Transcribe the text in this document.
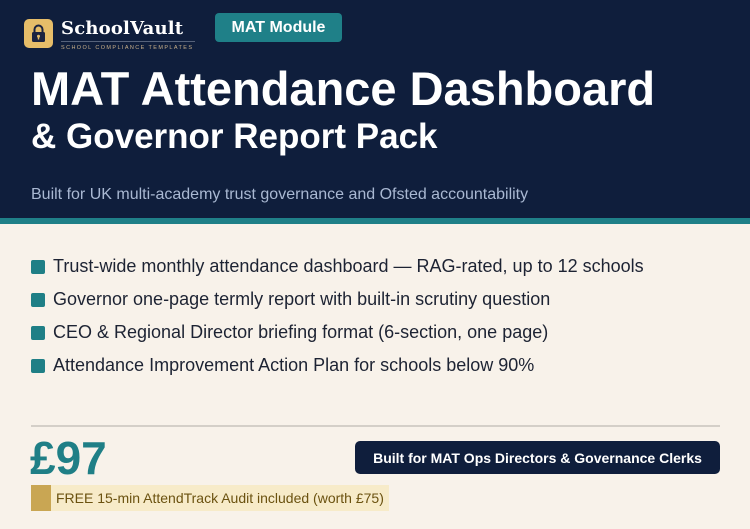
SchoolVault
SCHOOL COMPLIANCE TEMPLATES
MAT Module
MAT Attendance Dashboard
& Governor Report Pack
Built for UK multi-academy trust governance and Ofsted accountability
Trust-wide monthly attendance dashboard — RAG-rated, up to 12 schools
Governor one-page termly report with built-in scrutiny question
CEO & Regional Director briefing format (6-section, one page)
Attendance Improvement Action Plan for schools below 90%
£97	Built for MAT Ops Directors & Governance Clerks
FREE 15-min AttendTrack Audit included (worth £75)
